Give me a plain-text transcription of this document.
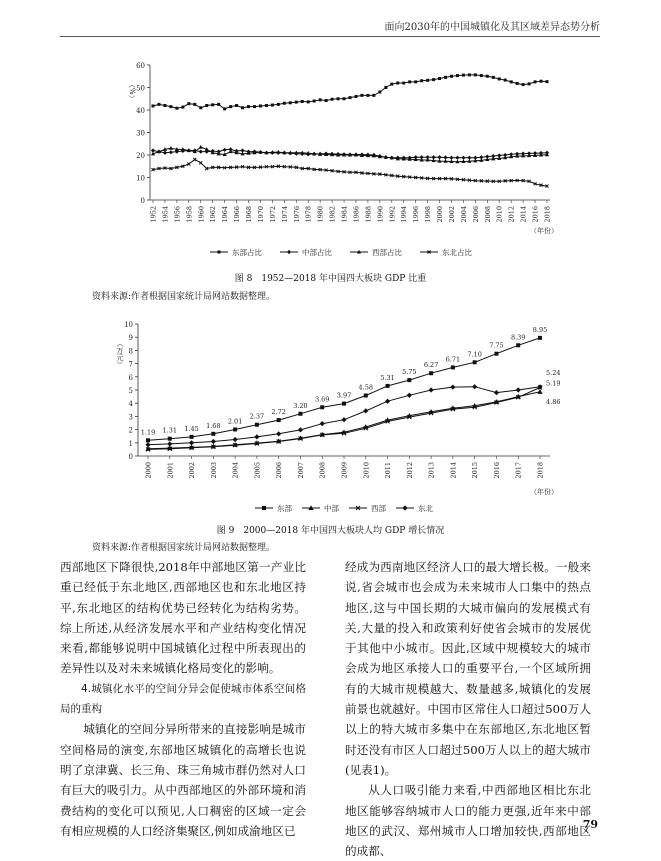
面向2030年的中国城镇化及其区域差异态势分析
0
10
20
30
40
50
60
（%）
1952 1954 1956 1958 1960 1962 1964 1966 1968 1970 1972 1974 1976 1978 1980 1982 1984 1986 1988 1990 1992 1994 1996 1998 2000 2002 2004 2006 2008 2010 2012 2014 2016 2018
（年份）
东部占比	中部占比	西部占比	东北占比
图 8　1952—2018 年中国四大板块 GDP 比重
资料来源:作者根据国家统计局网站数据整理。
0
1
2
3
4
5
6
7
8
9
10
（万元）
2000 2001 2002 2003 2004 2005 2006 2007 2008 2009 2010 2011 2012 2013 2014 2015 2016 2017 2018
（年份）
1.19 1.31 1.45 1.68
2.01
2.37
2.72
3.20
3.69 3.97
4.58
5.31
5.75
6.27
6.71
7.10
7.75
8.39
8.95
4.86
5.19
5.24
东部	中部	西部	东北
图 9　2000—2018 年中国四大板块人均 GDP 增长情况
资料来源:作者根据国家统计局网站数据整理。

西部地区下降很快,2018年中部地区第一产业比重已经低于东北地区,西部地区也和东北地区持平,东北地区的结构优势已经转化为结构劣势。综上所述,从经济发展水平和产业结构变化情况来看,都能够说明中国城镇化过程中所表现出的差异性以及对未来城镇化格局变化的影响。

4.城镇化水平的空间分异会促使城市体系空间格局的重构

城镇化的空间分异所带来的直接影响是城市空间格局的演变,东部地区城镇化的高增长也说明了京津冀、长三角、珠三角城市群仍然对人口有巨大的吸引力。从中西部地区的外部环境和消费结构的变化可以预见,人口稠密的区域一定会有相应规模的人口经济集聚区,例如成渝地区已

经成为西南地区经济人口的最大增长极。一般来说,省会城市也会成为未来城市人口集中的热点地区,这与中国长期的大城市偏向的发展模式有关,大量的投入和政策利好使省会城市的发展优于其他中小城市。因此,区域中规模较大的城市会成为地区承接人口的重要平台,一个区域所拥有的大城市规模越大、数量越多,城镇化的发展前景也就越好。中国市区常住人口超过500万人以上的特大城市多集中在东部地区,东北地区暂时还没有市区人口超过500万人以上的超大城市(见表1)。

从人口吸引能力来看,中西部地区相比东北地区能够容纳城市人口的能力更强,近年来中部地区的武汉、郑州城市人口增加较快,西部地区的成都、

79
